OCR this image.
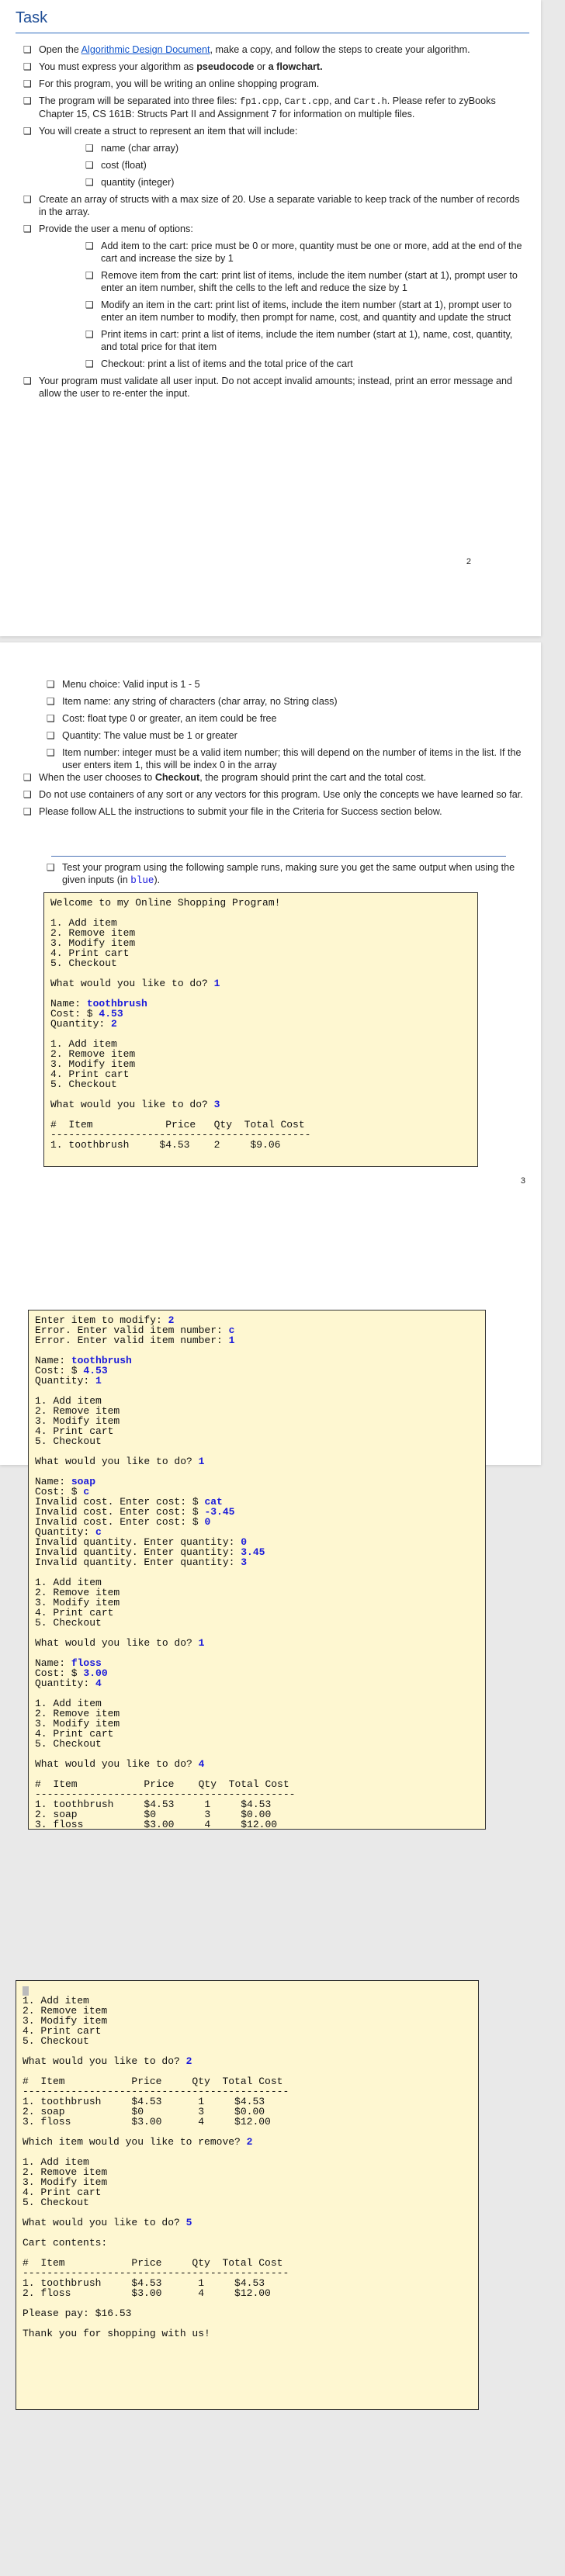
Task
❑ Open the Algorithmic Design Document, make a copy, and follow the steps to create your algorithm.
❑ You must express your algorithm as pseudocode or a flowchart.
❑ For this program, you will be writing an online shopping program.
❑ The program will be separated into three files: fp1.cpp, Cart.cpp, and Cart.h. Please refer to zyBooks Chapter 15, CS 161B: Structs Part II and Assignment 7 for information on multiple files.
❑ You will create a struct to represent an item that will include:
❑ name (char array)
❑ cost (float)
❑ quantity (integer)
❑ Create an array of structs with a max size of 20. Use a separate variable to keep track of the number of records in the array.
❑ Provide the user a menu of options:
❑ Add item to the cart: price must be 0 or more, quantity must be one or more, add at the end of the cart and increase the size by 1
❑ Remove item from the cart: print list of items, include the item number (start at 1), prompt user to enter an item number, shift the cells to the left and reduce the size by 1
❑ Modify an item in the cart: print list of items, include the item number (start at 1), prompt user to enter an item number to modify, then prompt for name, cost, and quantity and update the struct
❑ Print items in cart: print a list of items, include the item number (start at 1), name, cost, quantity, and total price for that item
❑ Checkout: print a list of items and the total price of the cart
❑ Your program must validate all user input. Do not accept invalid amounts; instead, print an error message and allow the user to re-enter the input.
2
❑ Menu choice: Valid input is 1 - 5
❑ Item name: any string of characters (char array, no String class)
❑ Cost: float type 0 or greater, an item could be free
❑ Quantity: The value must be 1 or greater
❑ Item number: integer must be a valid item number; this will depend on the number of items in the list. If the user enters item 1, this will be index 0 in the array
❑ When the user chooses to Checkout, the program should print the cart and the total cost.
❑ Do not use containers of any sort or any vectors for this program. Use only the concepts we have learned so far.
❑ Please follow ALL the instructions to submit your file in the Criteria for Success section below.
❑ Test your program using the following sample runs, making sure you get the same output when using the given inputs (in blue).
Welcome to my Online Shopping Program!
1. Add item
2. Remove item
3. Modify item
4. Print cart
5. Checkout
What would you like to do? 1
Name: toothbrush
Cost: $ 4.53
Quantity: 2
1. Add item
2. Remove item
3. Modify item
4. Print cart
5. Checkout
What would you like to do? 3
#  Item            Price   Qty  Total Cost
-------------------------------------------
1. toothbrush     $4.53    2     $9.06
3
Enter item to modify: 2
Error. Enter valid item number: c
Error. Enter valid item number: 1
Name: toothbrush
Cost: $ 4.53
Quantity: 1
1. Add item
2. Remove item
3. Modify item
4. Print cart
5. Checkout
What would you like to do? 1
Name: soap
Cost: $ c
Invalid cost. Enter cost: $ cat
Invalid cost. Enter cost: $ -3.45
Invalid cost. Enter cost: $ 0
Quantity: c
Invalid quantity. Enter quantity: 0
Invalid quantity. Enter quantity: 3.45
Invalid quantity. Enter quantity: 3
1. Add item
2. Remove item
3. Modify item
4. Print cart
5. Checkout
What would you like to do? 1
Name: floss
Cost: $ 3.00
Quantity: 4
1. Add item
2. Remove item
3. Modify item
4. Print cart
5. Checkout
What would you like to do? 4
#  Item           Price    Qty  Total Cost
-------------------------------------------
1. toothbrush     $4.53     1     $4.53
2. soap           $0        3     $0.00
3. floss          $3.00     4     $12.00
1. Add item
2. Remove item
3. Modify item
4. Print cart
5. Checkout
What would you like to do? 2
#  Item           Price     Qty  Total Cost
--------------------------------------------
1. toothbrush     $4.53      1     $4.53
2. soap           $0         3     $0.00
3. floss          $3.00      4     $12.00
Which item would you like to remove? 2
1. Add item
2. Remove item
3. Modify item
4. Print cart
5. Checkout
What would you like to do? 5
Cart contents:
#  Item           Price     Qty  Total Cost
--------------------------------------------
1. toothbrush     $4.53      1     $4.53
2. floss          $3.00      4     $12.00
Please pay: $16.53
Thank you for shopping with us!
